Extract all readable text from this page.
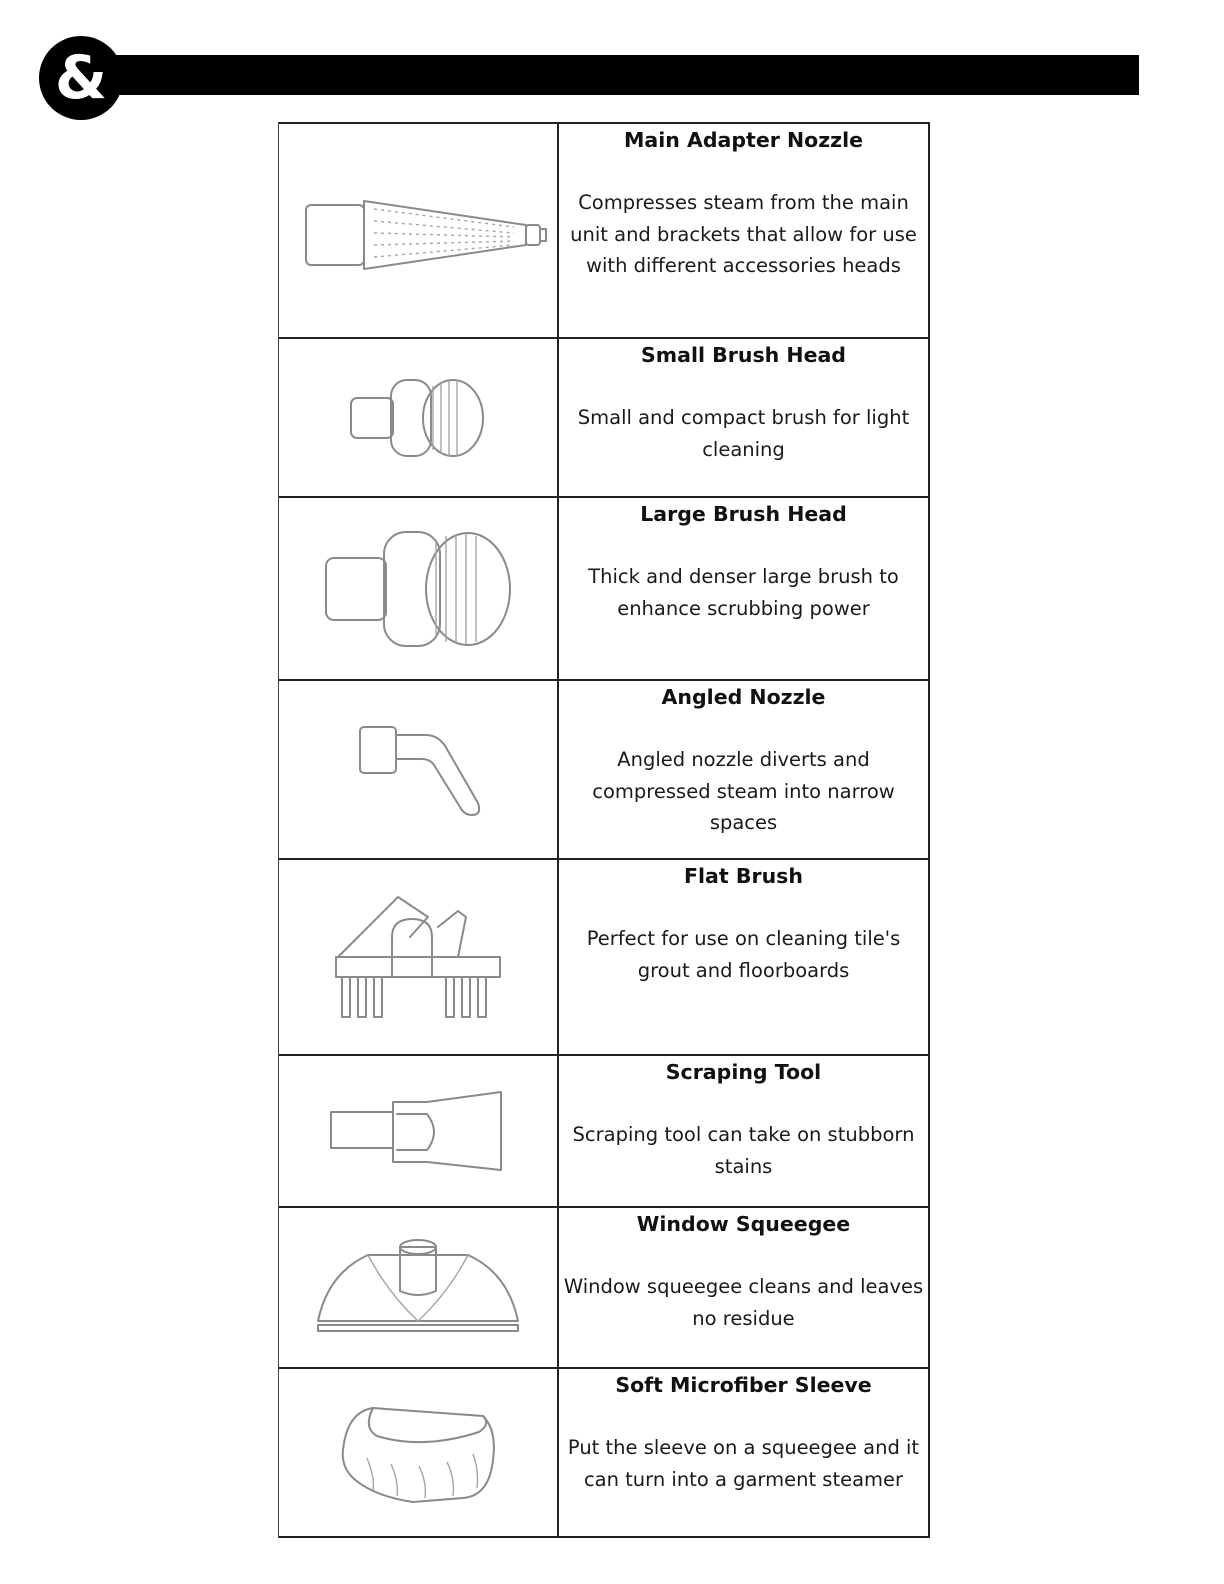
&

Main Adapter Nozzle

Compresses steam from the main unit and brackets that allow for use with different accessories heads

Small Brush Head

Small and compact brush for light cleaning

Large Brush Head

Thick and denser large brush to enhance scrubbing power

Angled Nozzle

Angled nozzle diverts and compressed steam into narrow spaces

Flat Brush

Perfect for use on cleaning tile's grout and floorboards

Scraping Tool

Scraping tool can take on stubborn stains

Window Squeegee

Window squeegee cleans and leaves no residue

Soft Microfiber Sleeve

Put the sleeve on a squeegee and it can turn into a garment steamer
